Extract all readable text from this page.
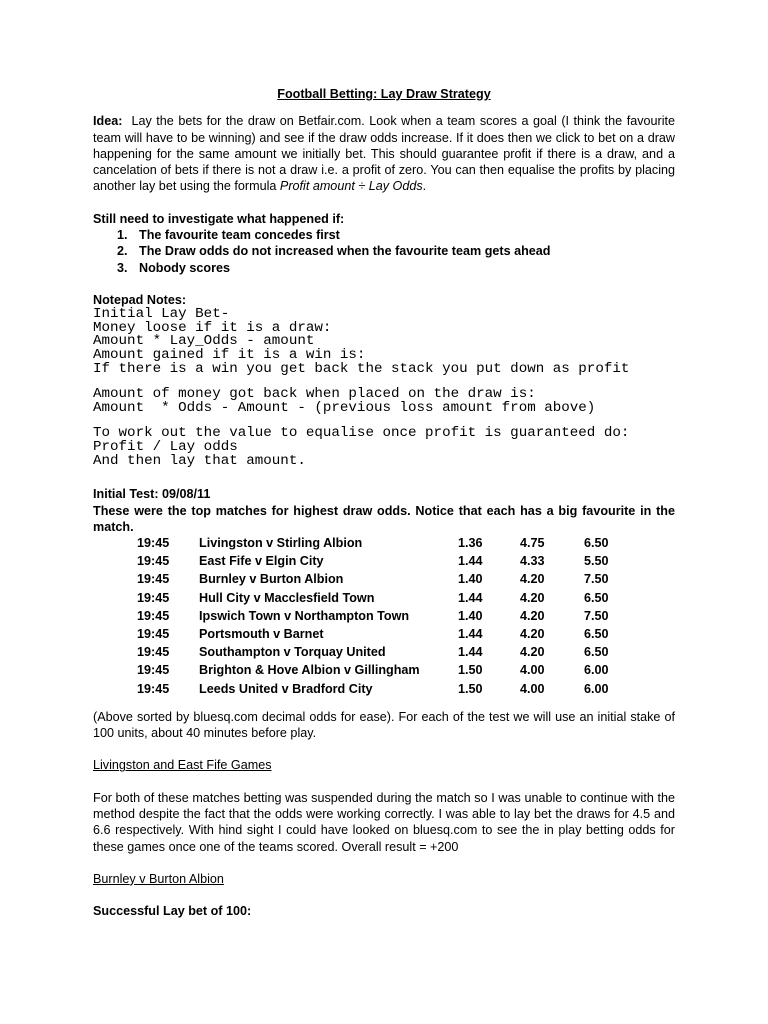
Football Betting: Lay Draw Strategy

Idea: Lay the bets for the draw on Betfair.com. Look when a team scores a goal (I think the favourite team will have to be winning) and see if the draw odds increase. If it does then we click to bet on a draw happening for the same amount we initially bet. This should guarantee profit if there is a draw, and a cancelation of bets if there is not a draw i.e. a profit of zero. You can then equalise the profits by placing another lay bet using the formula Profit amount ÷ Lay Odds.

Still need to investigate what happened if:

1. The favourite team concedes first
2. The Draw odds do not increased when the favourite team gets ahead
3. Nobody scores

Notepad Notes:

Initial Lay Bet-

Money loose if it is a draw:

Amount * Lay_Odds - amount

Amount gained if it is a win is:

If there is a win you get back the stack you put down as profit

Amount of money got back when placed on the draw is:

Amount  * Odds - Amount - (previous loss amount from above)

To work out the value to equalise once profit is guaranteed do:

Profit / Lay odds

And then lay that amount.

Initial Test: 09/08/11

These were the top matches for highest draw odds. Notice that each has a big favourite in the match.

19:45	Livingston v Stirling Albion	1.36	4.75	6.50
19:45	East Fife v Elgin City	1.44	4.33	5.50
19:45	Burnley v Burton Albion	1.40	4.20	7.50
19:45	Hull City v Macclesfield Town	1.44	4.20	6.50
19:45	Ipswich Town v Northampton Town	1.40	4.20	7.50
19:45	Portsmouth v Barnet	1.44	4.20	6.50
19:45	Southampton v Torquay United	1.44	4.20	6.50
19:45	Brighton & Hove Albion v Gillingham	1.50	4.00	6.00
19:45	Leeds United v Bradford City	1.50	4.00	6.00

(Above sorted by bluesq.com decimal odds for ease). For each of the test we will use an initial stake of 100 units, about 40 minutes before play.

Livingston and East Fife Games

For both of these matches betting was suspended during the match so I was unable to continue with the method despite the fact that the odds were working correctly. I was able to lay bet the draws for 4.5 and 6.6 respectively. With hind sight I could have looked on bluesq.com to see the in play betting odds for these games once one of the teams scored. Overall result = +200

Burnley v Burton Albion

Successful Lay bet of 100:
